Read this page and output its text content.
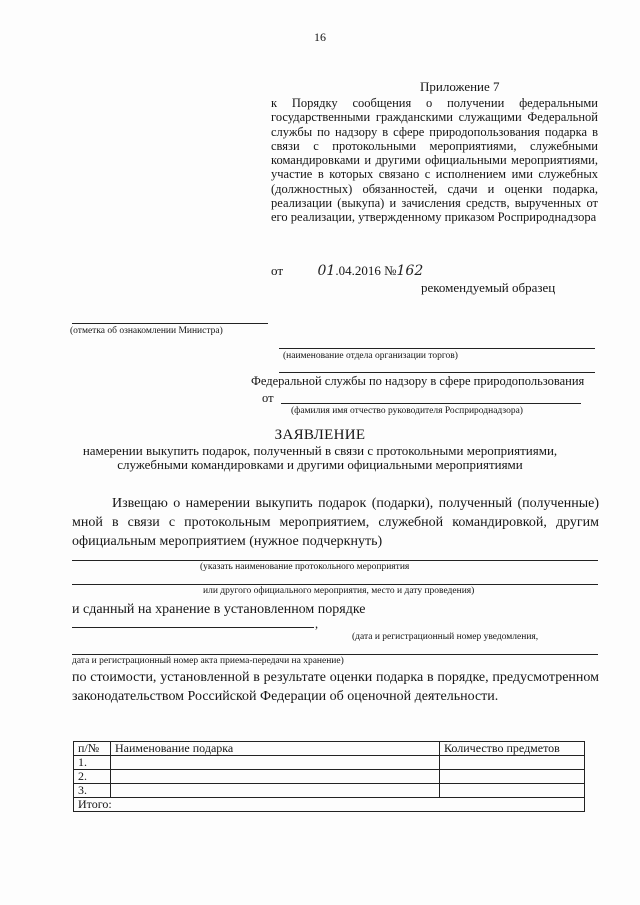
16
Приложение 7
к Порядку сообщения о получении федеральными государственными гражданскими служащими Федеральной службы по надзору в сфере природопользования подарка в связи с протокольными мероприятиями, служебными командировками и другими официальными мероприятиями, участие в которых связано с исполнением ими служебных (должностных) обязанностей, сдачи и оценки подарка, реализации (выкупа) и зачисления средств, вырученных от его реализации, утвержденному приказом Росприроднадзора
от 01.04.2016 №162
рекомендуемый образец
(отметка об ознакомлении Министра)
(наименование отдела организации торгов)
Федеральной службы по надзору в сфере природопользования
от
(фамилия имя отчество руководителя Росприроднадзора)
ЗАЯВЛЕНИЕ
намерении выкупить подарок, полученный в связи с протокольными мероприятиями, служебными командировками и другими официальными мероприятиями
Извещаю о намерении выкупить подарок (подарки), полученный (полученные) мной в связи с протокольным мероприятием, служебной командировкой, другим официальным мероприятием (нужное подчеркнуть)
(указать наименование протокольного мероприятия
или другого официального мероприятия, место и дату проведения)
и сданный на хранение в установленном порядке
,
(дата и регистрационный номер уведомления,
дата и регистрационный номер акта приема-передачи на хранение)
по стоимости, установленной в результате оценки подарка в порядке, предусмотренном законодательством Российской Федерации об оценочной деятельности.
п/№	Наименование подарка	Количество предметов
1.		
2.		
3.		
Итого:		
